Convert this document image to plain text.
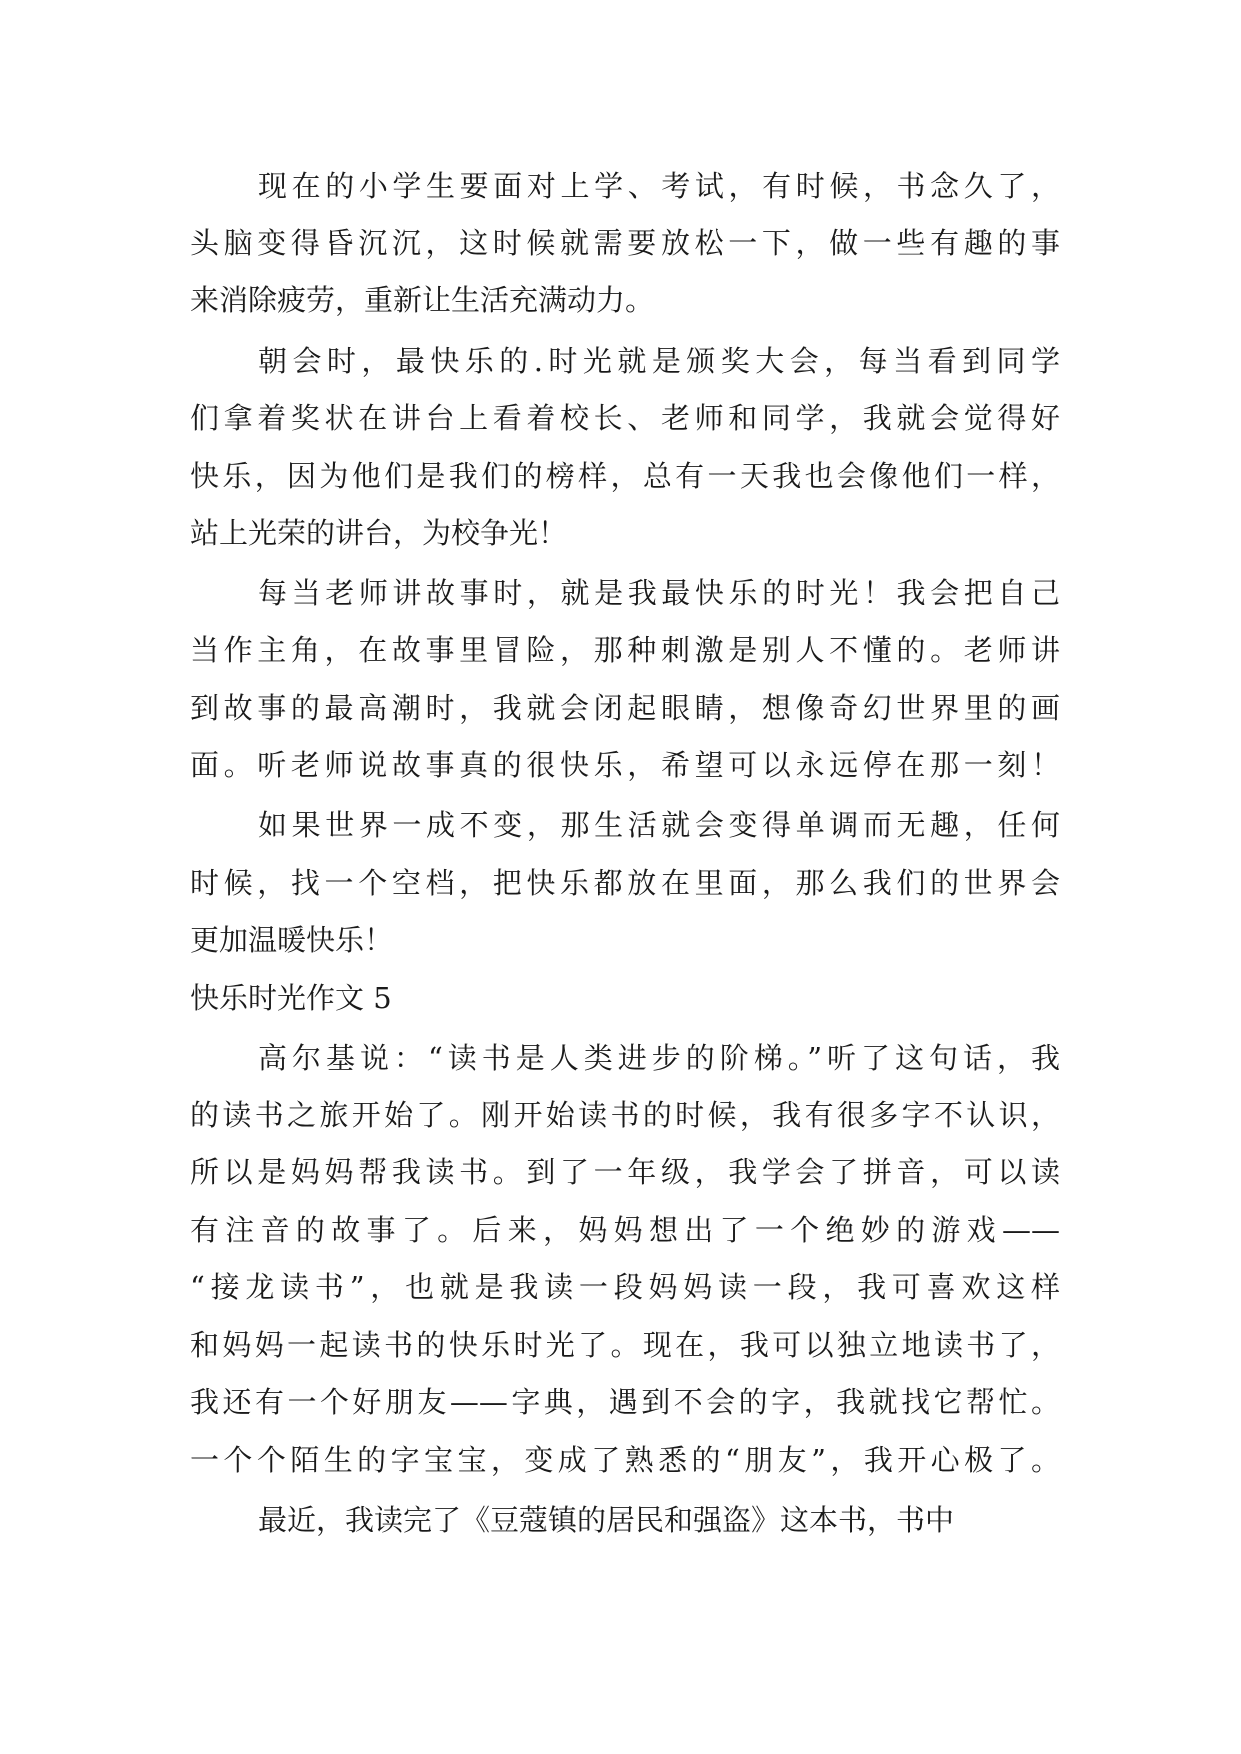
现在的小学生要面对上学、考试，有时候，书念久了，

头脑变得昏沉沉，这时候就需要放松一下，做一些有趣的事

来消除疲劳，重新让生活充满动力。

朝会时，最快乐的.时光就是颁奖大会，每当看到同学

们拿着奖状在讲台上看着校长、老师和同学，我就会觉得好

快乐，因为他们是我们的榜样，总有一天我也会像他们一样，

站上光荣的讲台，为校争光！

每当老师讲故事时，就是我最快乐的时光！我会把自己

当作主角，在故事里冒险，那种刺激是别人不懂的。老师讲

到故事的最高潮时，我就会闭起眼睛，想像奇幻世界里的画

面。听老师说故事真的很快乐，希望可以永远停在那一刻！

如果世界一成不变，那生活就会变得单调而无趣，任何

时候，找一个空档，把快乐都放在里面，那么我们的世界会

更加温暖快乐！

快乐时光作文 5

高尔基说：“读书是人类进步的阶梯。”听了这句话，我

的读书之旅开始了。刚开始读书的时候，我有很多字不认识，

所以是妈妈帮我读书。到了一年级，我学会了拼音，可以读

有注音的故事了。后来，妈妈想出了一个绝妙的游戏——

“接龙读书”，也就是我读一段妈妈读一段，我可喜欢这样

和妈妈一起读书的快乐时光了。现在，我可以独立地读书了，

我还有一个好朋友——字典，遇到不会的字，我就找它帮忙。

一个个陌生的字宝宝，变成了熟悉的“朋友”，我开心极了。

最近，我读完了《豆蔻镇的居民和强盗》这本书，书中
